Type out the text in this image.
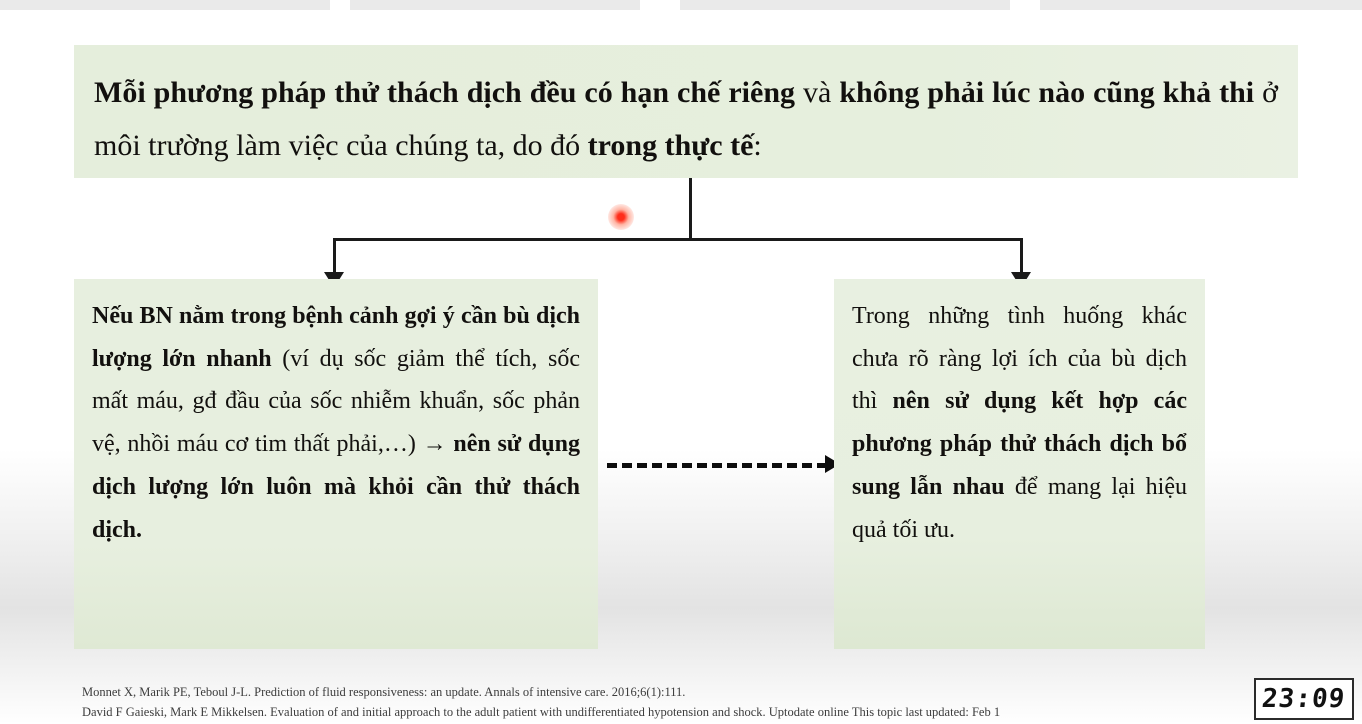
Mỗi phương pháp thử thách dịch đều có hạn chế riêng và không phải lúc nào cũng khả thi ở môi trường làm việc của chúng ta, do đó trong thực tế:
Nếu BN nằm trong bệnh cảnh gợi ý cần bù dịch lượng lớn nhanh (ví dụ sốc giảm thể tích, sốc mất máu, gđ đầu của sốc nhiễm khuẩn, sốc phản vệ, nhồi máu cơ tim thất phải,…) → nên sử dụng dịch lượng lớn luôn mà khỏi cần thử thách dịch.
Trong những tình huống khác chưa rõ ràng lợi ích của bù dịch thì nên sử dụng kết hợp các phương pháp thử thách dịch bổ sung lẫn nhau để mang lại hiệu quả tối ưu.
Monnet X, Marik PE, Teboul J-L. Prediction of fluid responsiveness: an update. Annals of intensive care. 2016;6(1):111.
David F Gaieski, Mark E Mikkelsen. Evaluation of and initial approach to the adult patient with undifferentiated hypotension and shock. Uptodate online This topic last updated: Feb 1	23:09
